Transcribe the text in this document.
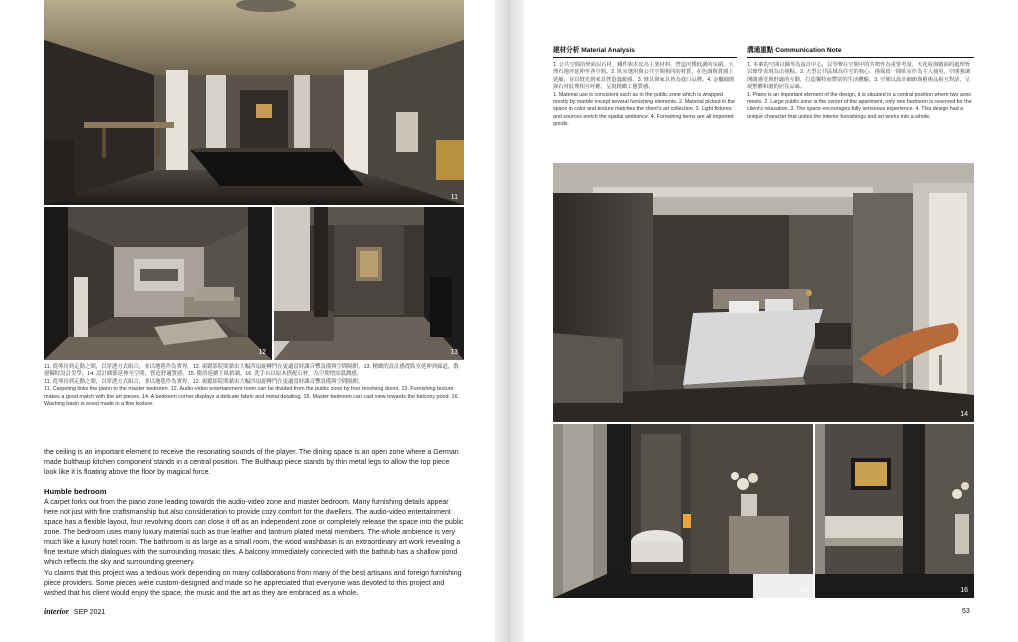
11
12	13

11. 從琴房到走動之間，以穿透方式組合，並以地毯作為實界。12. 視聽影院間藉由大幅四扇旋轉門在更適當時讓音響設備與空間隔開。13. 精緻的設計感從臥室延伸到廊道，散發獨特設計美學；14. 設計細節延伸至空間，營造舒適質感。15. 衛浴延續主臥格調。16. 洗手台以原木搭配石材，為空間增添溫潤感。

11. 從琴房到走動之間，以穿透方式組合，並以地毯作為實界。12. 視聽影院間藉由大幅四扇旋轉門在更適當時讓音響設備與空間隔開。

11. Carpeting links the piano to the master bedroom. 12. Audio-video entertainment room can be divided from the public zone by four revolving doors. 13. Furnishing texture makes a good match with the art pieces. 14. A bedroom corner displays a delicate fabric and metal detailing. 15. Master bedroom can cast view towards the balcony pond. 16. Washing basin is wood made in a fine texture.

the ceiling is an important element to receive the resonating sounds of the player. The dining space is an open zone where a German made bulthaup kitchen component stands in a central position. The Bulthaup piece stands by thin metal legs to allow the top piece look like it is floating above the floor by magical force.

Humble bedroom

A carpet forks out from the piano zone leading towards the audio-video zone and master bedroom. Many furnishing details appear here not just with fine craftsmanship but also consideration to provide cozy comfort for the dwellers. The audio-video entertainment space has a flexible layout, four revolving doors can close it off as an independent zone or completely release the space into the public zone. The bedroom uses many luxury material such as true leather and tantrum plated metal members. The whole ambience is very much like a luxury hotel room. The bathroom is as large as a small room, the wood washbasin is an extraordinary art work revealing a fine texture which dialogues with the surrounding mosaic tiles. A balcony immediately connected with the bathtub has a shallow pond which reflects the sky and surrounding greenery.

Yu claims that this project was a tedious work depending on many collaborations from many of the best artisans and foreign furnishing piece providers. Some pieces were custom-designed and made so he appreciated that everyone was devoted to this project and wished that his client would enjoy the space, the music and the art as they are embraced as a whole.

interior SEP 2021
建材分析 Material Analysis

1. 公共空間的壁面以石材、鐵件與木皮為主要材料，營造沉穩低調的氛圍，大理石地坪延伸至各空間。2. 臥室選用與公共空間相同的材質，在色調與質感上延續，並以燈光與家具營造溫暖感。3. 燈具與家具皆為進口品牌。4. 金屬細節與石材紋理相互呼應，呈現精緻工藝質感。

1. Material use is consistent such as in the public zone which is wrapped mostly by marble except several furnishing elements. 2. Material picked in the space in color and texture matches the client's art collection. 3. Light fixtures and sources enrich the spatial ambience. 4. Furnishing items are all imported goods.

溝通重點 Communication Note

1. 本案的空間以鋼琴為設計中心，以琴聲在空間中的共鳴作為重要考量，天花板與牆面的處理皆以聲學表現為出發點。2. 大型公共區域為住宅的核心，僅保留一間臥室作為主人使用，空間強調開闊感受與舒適的互動，打造獨特而豐富的生活體驗。3. 空間以設計細節與藝術品相互對話，呈現整體和諧的居住品味。

1. Piano is an important element of the design, it is situated in a central position where two axes meets. 2. Large public zone is the center of the apartment, only one bedroom is reserved for the client's relaxation. 3. The space encourages fully sensuous experience. 4. This design had a unique character that unites the interior furnishings and art works into a whole.

14
15	16
53
